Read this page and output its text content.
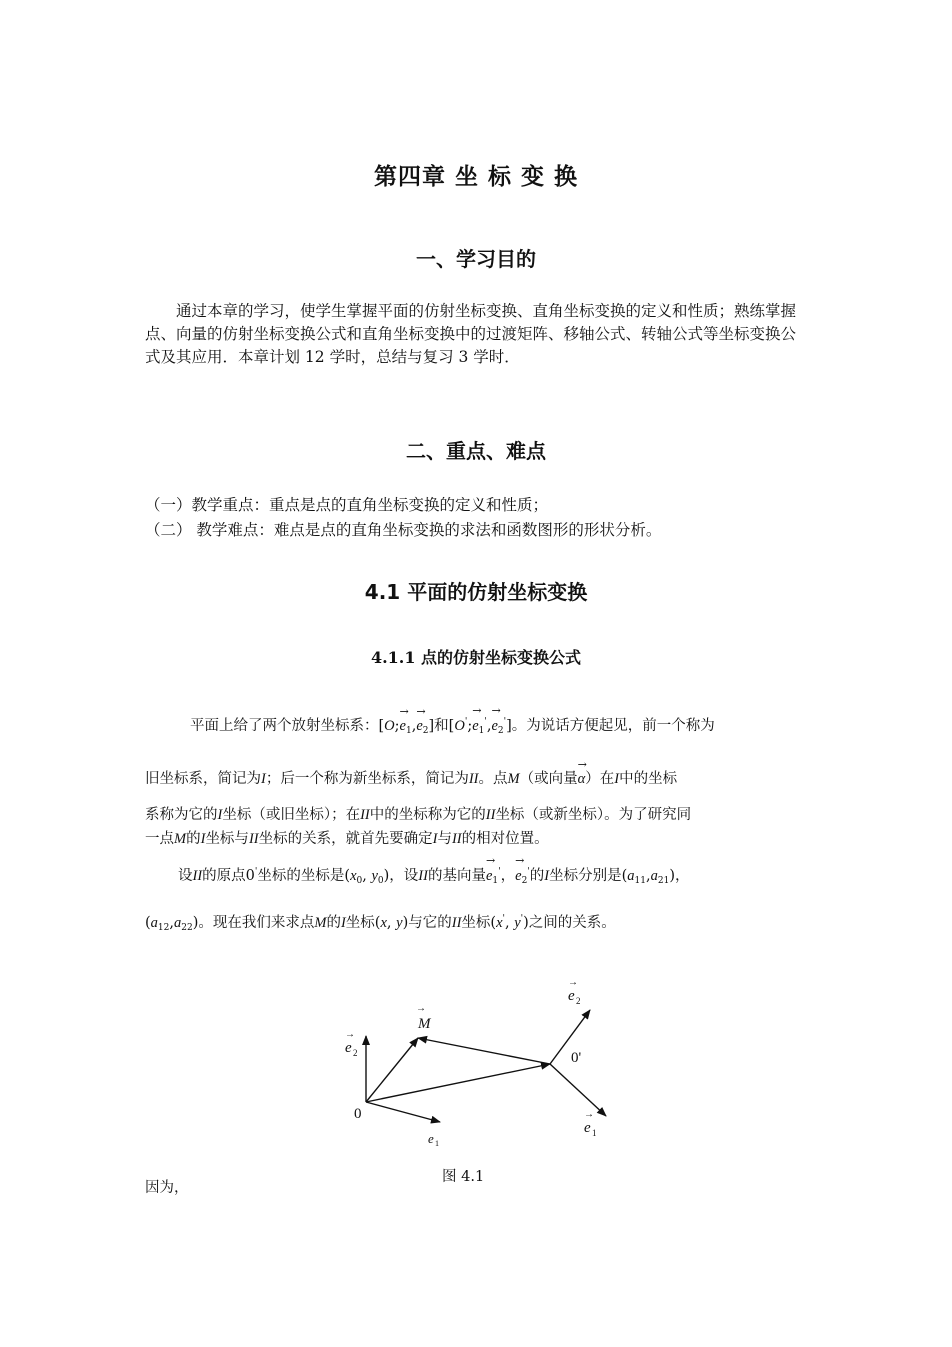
第四章 坐 标 变 换
一、学习目的
通过本章的学习，使学生掌握平面的仿射坐标变换、直角坐标变换的定义和性质；熟练掌握点、向量的仿射坐标变换公式和直角坐标变换中的过渡矩阵、移轴公式、转轴公式等坐标变换公式及其应用．本章计划 12 学时，总结与复习 3 学时．
二、重点、难点
（一）教学重点：重点是点的直角坐标变换的定义和性质；
（二） 教学难点：难点是点的直角坐标变换的求法和函数图形的形状分析。
4.1 平面的仿射坐标变换
4.1.1 点的仿射坐标变换公式
平面上给了两个放射坐标系：[O;→ $e_1,\to e_2$]和[O';→ $e_1',\to e_2'$]。为说话方便起见，前一个称为
旧坐标系，简记为I；后一个称为新坐标系，简记为II。点M（或向量→ α）在I中的坐标
系称为它的I坐标（或旧坐标）；在II中的坐标称为它的II坐标（或新坐标）。为了研究同
一点M的I坐标与II坐标的关系，就首先要确定I与II的相对位置。
设II的原点0'坐标的坐标是($x_0$, $y_0$)，设II的基向量→ $e_1'$，→ $e_2'$的I坐标分别是$(a_{11},a_{21})$，
$(a_{12},a_{22})$。现在我们来求点M的I坐标(x, y)与它的II坐标(x', y')之间的关系。
0
0'
M
→
e
→
2
e 1
e
→
2
e
→
1
图 4.1
因为，
